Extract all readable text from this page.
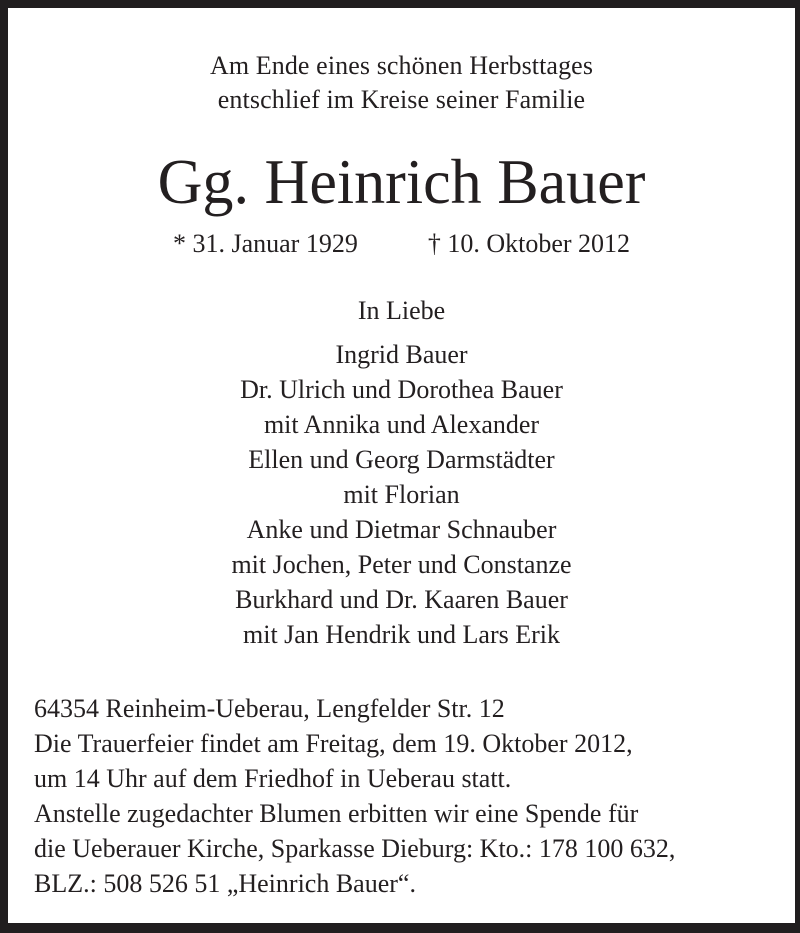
Am Ende eines schönen Herbsttages
entschlief im Kreise seiner Familie
Gg. Heinrich Bauer
* 31. Januar 1929	† 10. Oktober 2012
In Liebe
Ingrid Bauer
Dr. Ulrich und Dorothea Bauer
mit Annika und Alexander
Ellen und Georg Darmstädter
mit Florian
Anke und Dietmar Schnauber
mit Jochen, Peter und Constanze
Burkhard und Dr. Kaaren Bauer
mit Jan Hendrik und Lars Erik
64354 Reinheim-Ueberau, Lengfelder Str. 12
Die Trauerfeier findet am Freitag, dem 19. Oktober 2012,
um 14 Uhr auf dem Friedhof in Ueberau statt.
Anstelle zugedachter Blumen erbitten wir eine Spende für
die Ueberauer Kirche, Sparkasse Dieburg: Kto.: 178 100 632,
BLZ.: 508 526 51 „Heinrich Bauer“.
